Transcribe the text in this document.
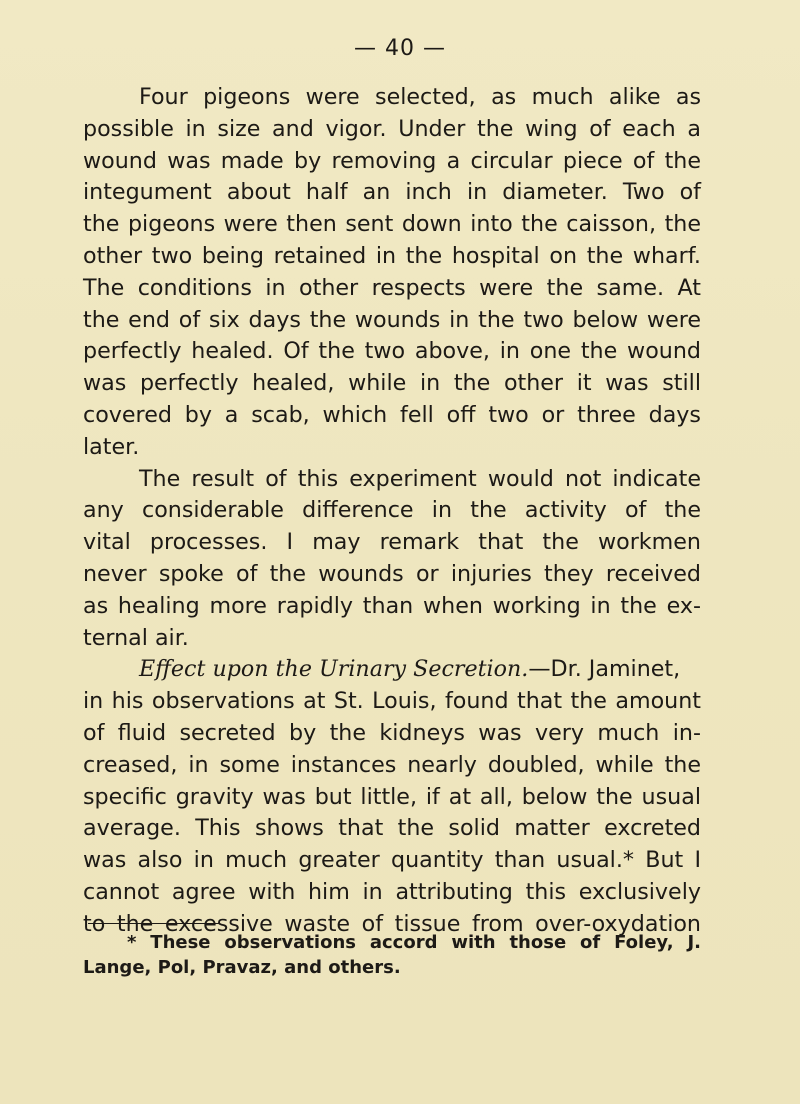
— 40 —
Four pigeons were selected, as much alike as
possible in size and vigor. Under the wing of each a
wound was made by removing a circular piece of the
integument about half an inch in diameter. Two of
the pigeons were then sent down into the caisson, the
other two being retained in the hospital on the wharf.
The conditions in other respects were the same. At
the end of six days the wounds in the two below were
perfectly healed. Of the two above, in one the wound
was perfectly healed, while in the other it was still
covered by a scab, which fell off two or three days
later.
The result of this experiment would not indicate
any considerable difference in the activity of the
vital processes. I may remark that the workmen
never spoke of the wounds or injuries they received
as healing more rapidly than when working in the ex-
ternal air.
Effect upon the Urinary Secretion.—Dr. Jaminet,
in his observations at St. Louis, found that the amount
of fluid secreted by the kidneys was very much in-
creased, in some instances nearly doubled, while the
specific gravity was but little, if at all, below the usual
average. This shows that the solid matter excreted
was also in much greater quantity than usual.* But I
cannot agree with him in attributing this exclusively
to the excessive waste of tissue from over-oxydation
* These observations accord with those of Foley, J.
Lange, Pol, Pravaz, and others.
